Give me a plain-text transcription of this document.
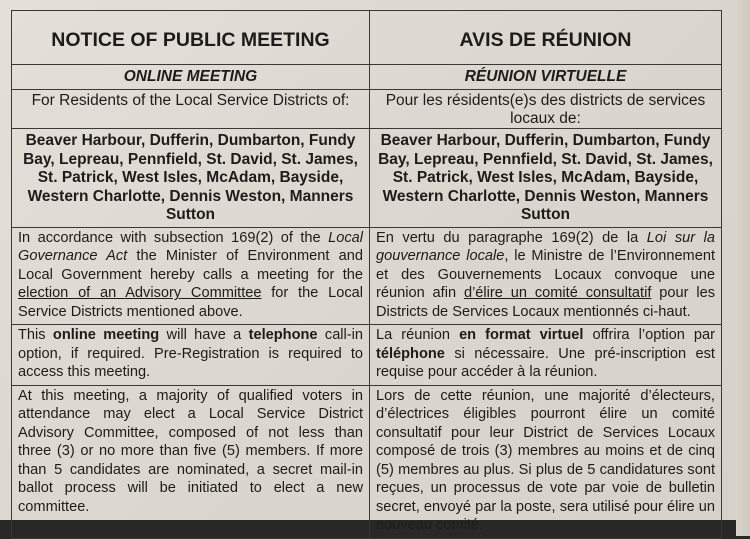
NOTICE OF PUBLIC MEETING	AVIS DE RÉUNION
ONLINE MEETING	RÉUNION VIRTUELLE
For Residents of the Local Service Districts of:	Pour les résidents(e)s des districts de services locaux de:
Beaver Harbour, Dufferin, Dumbarton, Fundy Bay, Lepreau, Pennfield, St. David, St. James, St. Patrick, West Isles, McAdam, Bayside, Western Charlotte, Dennis Weston, Manners Sutton	Beaver Harbour, Dufferin, Dumbarton, Fundy Bay, Lepreau, Pennfield, St. David, St. James, St. Patrick, West Isles, McAdam, Bayside, Western Charlotte, Dennis Weston, Manners Sutton
In accordance with subsection 169(2) of the Local Governance Act the Minister of Environment and Local Government hereby calls a meeting for the election of an Advisory Committee for the Local Service Districts mentioned above.	En vertu du paragraphe 169(2) de la Loi sur la gouvernance locale, le Ministre de l’Environnement et des Gouvernements Locaux convoque une réunion afin d’élire un comité consultatif pour les Districts de Services Locaux mentionnés ci-haut.
This online meeting will have a telephone call-in option, if required. Pre-Registration is required to access this meeting.	La réunion en format virtuel offrira l’option par téléphone si nécessaire. Une pré-inscription est requise pour accéder à la réunion.
At this meeting, a majority of qualified voters in attendance may elect a Local Service District Advisory Committee, composed of not less than three (3) or no more than five (5) members. If more than 5 candidates are nominated, a secret mail-in ballot process will be initiated to elect a new committee.	Lors de cette réunion, une majorité d’électeurs, d’électrices éligibles pourront élire un comité consultatif pour leur District de Services Locaux composé de trois (3) membres au moins et de cinq (5) membres au plus. Si plus de 5 candidatures sont reçues, un processus de vote par voie de bulletin secret, envoyé par la poste, sera utilisé pour élire un nouveau comité.
